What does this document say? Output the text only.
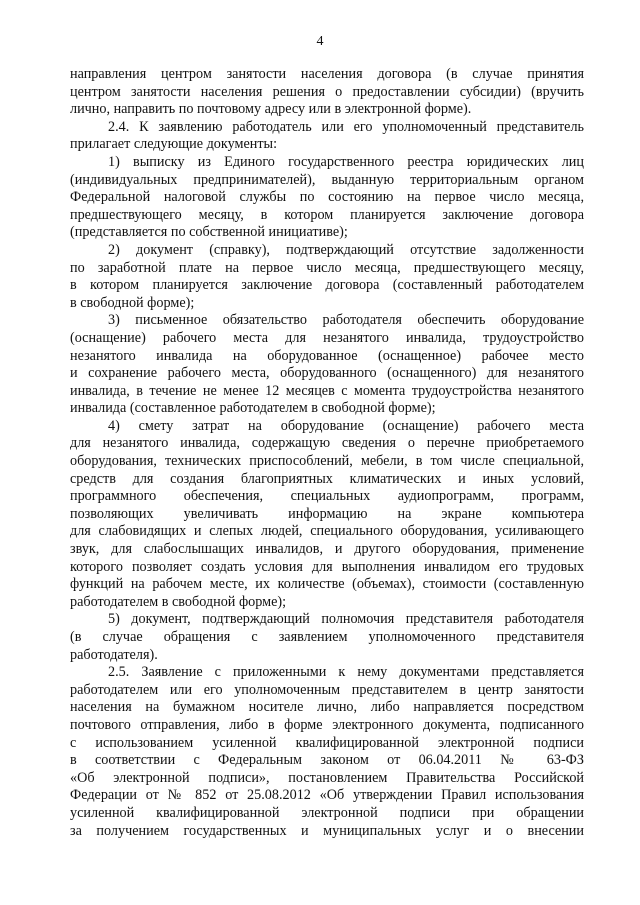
4

направления центром занятости населения договора (в случае принятия
центром занятости населения решения о предоставлении субсидии) (вручить
лично, направить по почтовому адресу или в электронной форме).

2.4. К заявлению работодатель или его уполномоченный представитель
прилагает следующие документы:

1) выписку из Единого государственного реестра юридических лиц
(индивидуальных предпринимателей), выданную территориальным органом
Федеральной налоговой службы по состоянию на первое число месяца,
предшествующего месяцу, в котором планируется заключение договора
(представляется по собственной инициативе);

2) документ (справку), подтверждающий отсутствие задолженности
по заработной плате на первое число месяца, предшествующего месяцу,
в котором планируется заключение договора (составленный работодателем
в свободной форме);

3) письменное обязательство работодателя обеспечить оборудование
(оснащение) рабочего места для незанятого инвалида, трудоустройство
незанятого инвалида на оборудованное (оснащенное) рабочее место
и сохранение рабочего места, оборудованного (оснащенного) для незанятого
инвалида, в течение не менее 12 месяцев с момента трудоустройства незанятого
инвалида (составленное работодателем в свободной форме);

4) смету затрат на оборудование (оснащение) рабочего места
для незанятого инвалида, содержащую сведения о перечне приобретаемого
оборудования, технических приспособлений, мебели, в том числе специальной,
средств для создания благоприятных климатических и иных условий,
программного обеспечения, специальных аудиопрограмм, программ,
позволяющих увеличивать информацию на экране компьютера
для слабовидящих и слепых людей, специального оборудования, усиливающего
звук, для слабослышащих инвалидов, и другого оборудования, применение
которого позволяет создать условия для выполнения инвалидом его трудовых
функций на рабочем месте, их количестве (объемах), стоимости (составленную
работодателем в свободной форме);

5) документ, подтверждающий полномочия представителя работодателя
(в случае обращения с заявлением уполномоченного представителя
работодателя).

2.5. Заявление с приложенными к нему документами представляется
работодателем или его уполномоченным представителем в центр занятости
населения на бумажном носителе лично, либо направляется посредством
почтового отправления, либо в форме электронного документа, подписанного
с использованием усиленной квалифицированной электронной подписи
в соответствии с Федеральным законом от 06.04.2011 № 63-ФЗ
«Об электронной подписи», постановлением Правительства Российской
Федерации от № 852 от 25.08.2012 «Об утверждении Правил использования
усиленной квалифицированной электронной подписи при обращении
за получением государственных и муниципальных услуг и о внесении
